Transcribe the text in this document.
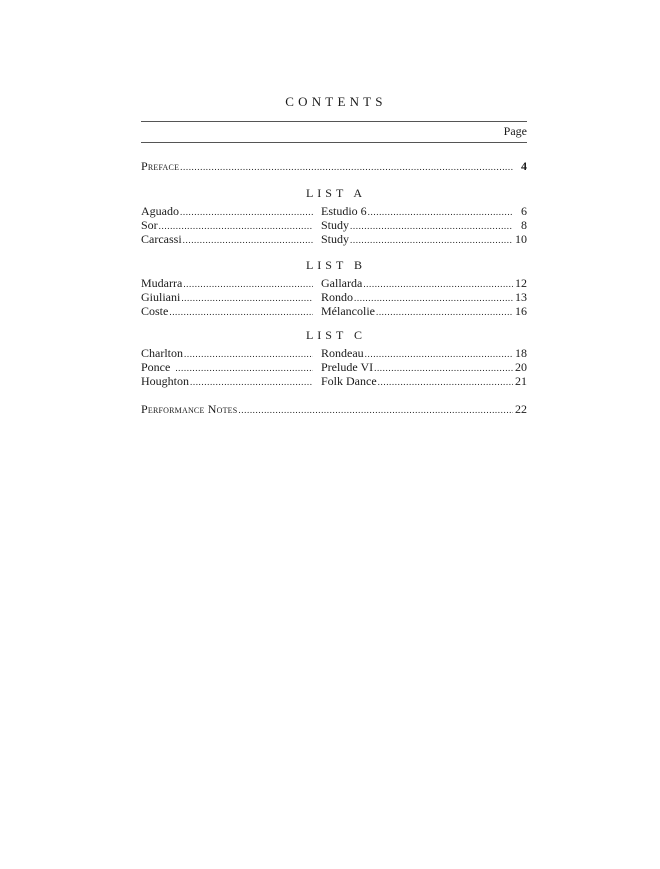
CONTENTS
Page
Preface .....	4
LIST A
Aguado .....	Estudio 6 .....	6
Sor .....	Study .....	8
Carcassi .....	Study .....	10
LIST B
Mudarra .....	Gallarda .....	12
Giuliani .....	Rondo .....	13
Coste .....	Mélancolie .....	16
LIST C
Charlton .....	Rondeau .....	18
Ponce .....	Prelude VI .....	20
Houghton .....	Folk Dance .....	21
Performance Notes .....	22
